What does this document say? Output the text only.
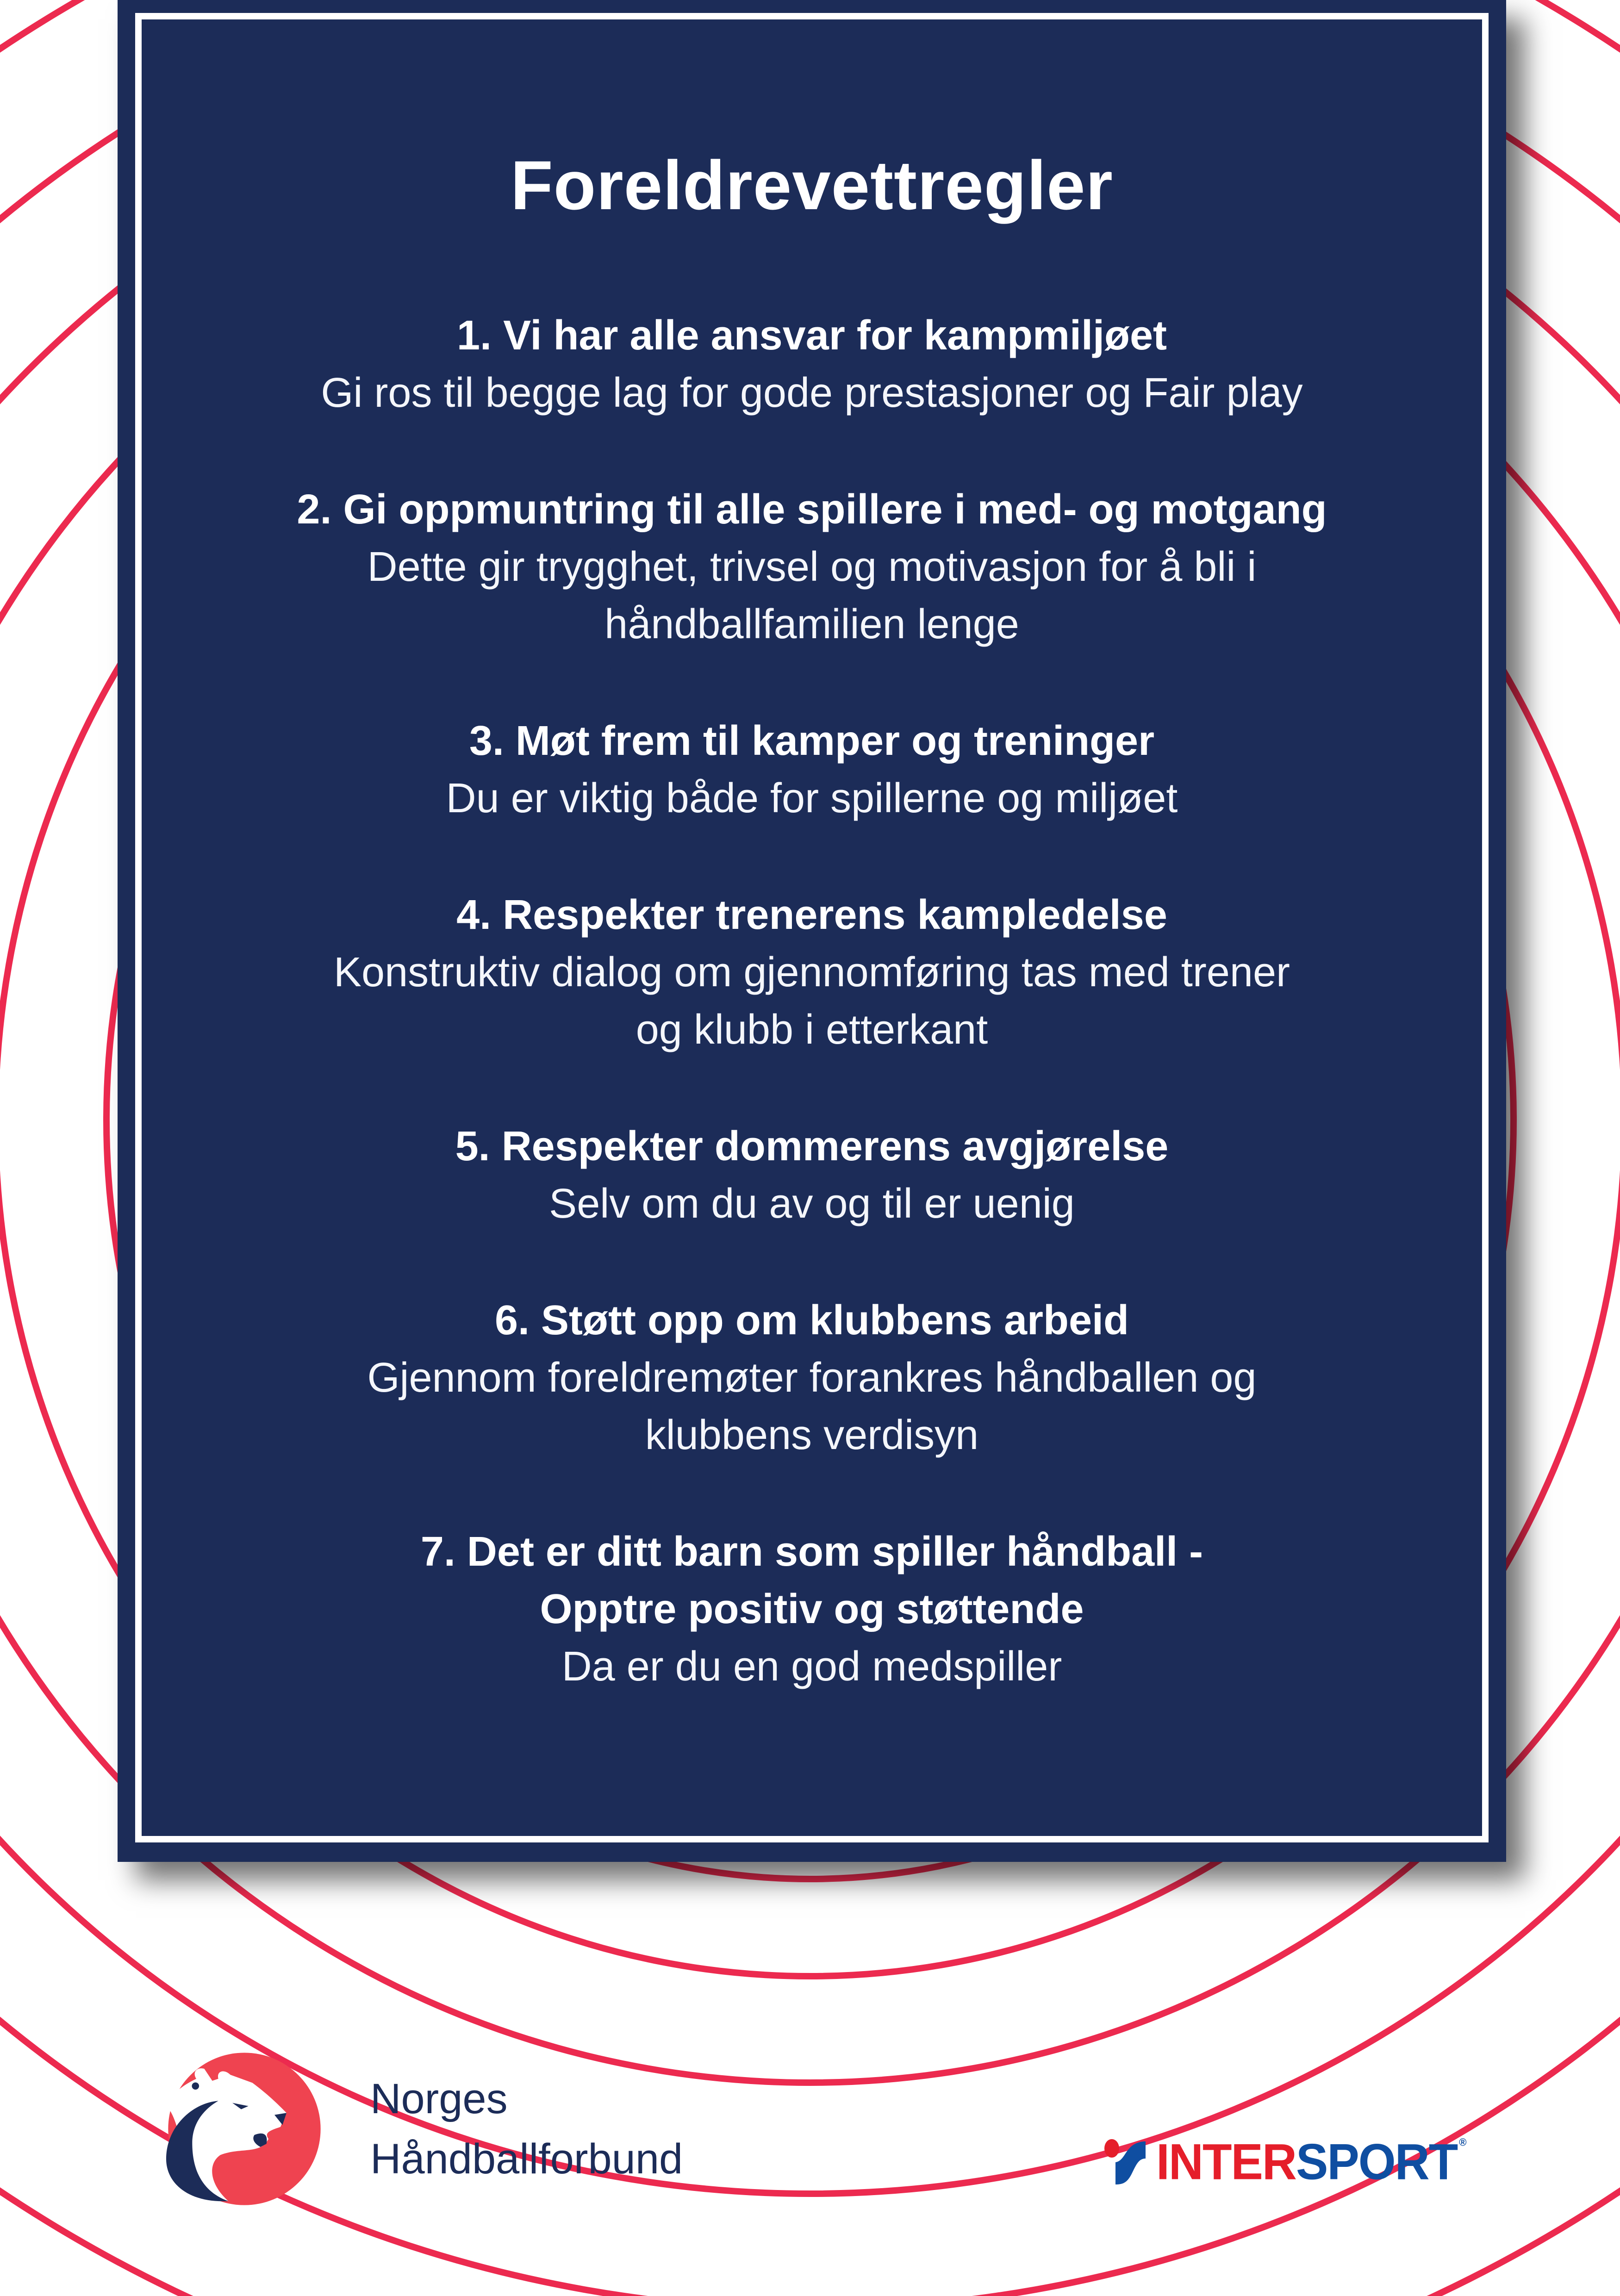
Foreldrevettregler
1. Vi har alle ansvar for kampmiljøet
Gi ros til begge lag for gode prestasjoner og Fair play
2. Gi oppmuntring til alle spillere i med- og motgang
Dette gir trygghet, trivsel og motivasjon for å bli i
håndballfamilien lenge
3. Møt frem til kamper og treninger
Du er viktig både for spillerne og miljøet
4. Respekter trenerens kampledelse
Konstruktiv dialog om gjennomføring tas med trener
og klubb i etterkant
5. Respekter dommerens avgjørelse
Selv om du av og til er uenig
6. Støtt opp om klubbens arbeid
Gjennom foreldremøter forankres håndballen og
klubbens verdisyn
7. Det er ditt barn som spiller håndball -
Opptre positiv og støttende
Da er du en god medspiller
Norges
Håndballforbund	INTERSPORT ®
